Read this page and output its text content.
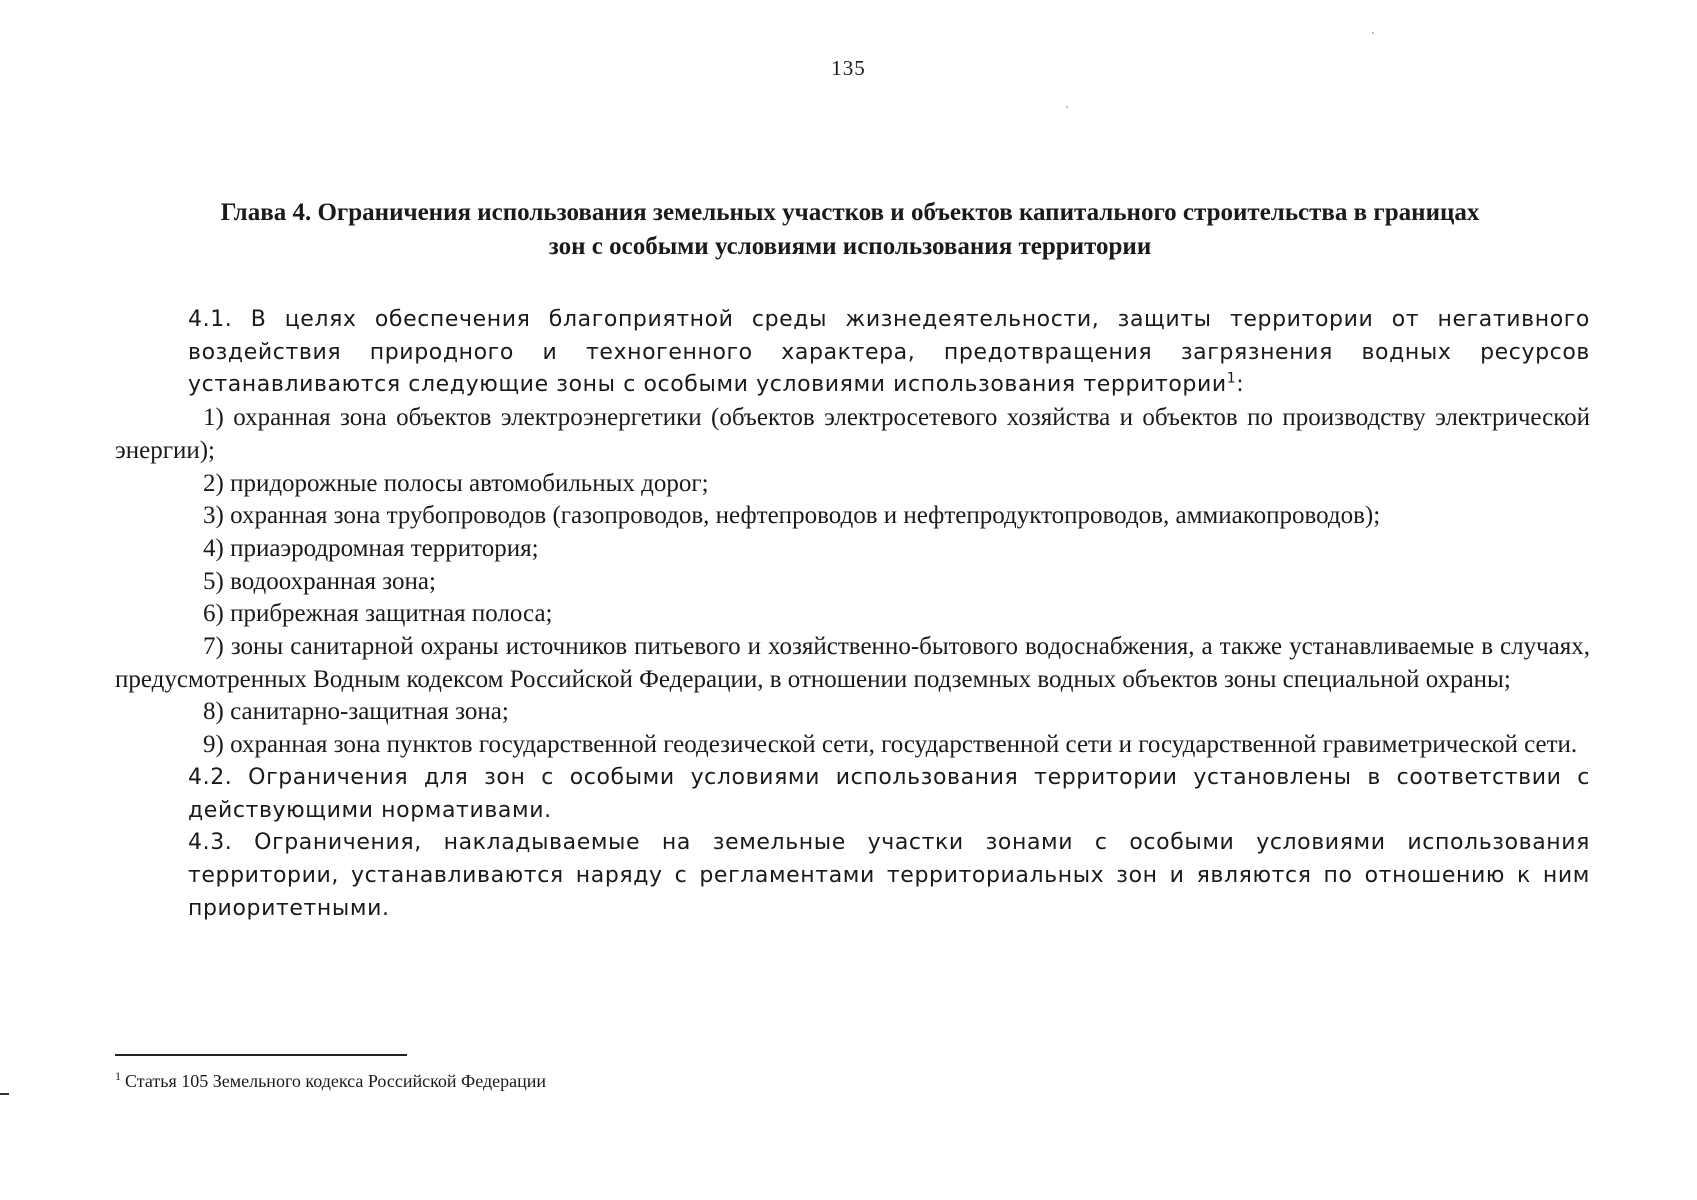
135
Глава 4. Ограничения использования земельных участков и объектов капитального строительства в границах
зон с особыми условиями использования территории

4.1. В целях обеспечения благоприятной среды жизнедеятельности, защиты территории от негативного воздействия природного и техногенного характера, предотвращения загрязнения водных ресурсов устанавливаются следующие зоны с особыми условиями использования территории$^1$:

1) охранная зона объектов электроэнергетики (объектов электросетевого хозяйства и объектов по производству электрической энергии);

2) придорожные полосы автомобильных дорог;

3) охранная зона трубопроводов (газопроводов, нефтепроводов и нефтепродуктопроводов, аммиакопроводов);

4) приаэродромная территория;

5) водоохранная зона;

6) прибрежная защитная полоса;

7) зоны санитарной охраны источников питьевого и хозяйственно-бытового водоснабжения, а также устанавливаемые в случаях, предусмотренных Водным кодексом Российской Федерации, в отношении подземных водных объектов зоны специальной охраны;

8) санитарно-защитная зона;

9) охранная зона пунктов государственной геодезической сети, государственной сети и государственной гравиметрической сети.

4.2. Ограничения для зон с особыми условиями использования территории установлены в соответствии с действующими нормативами.

4.3. Ограничения, накладываемые на земельные участки зонами с особыми условиями использования территории, устанавливаются наряду с регламентами территориальных зон и являются по отношению к ним приоритетными.

$^1$ Статья 105 Земельного кодекса Российской Федерации
